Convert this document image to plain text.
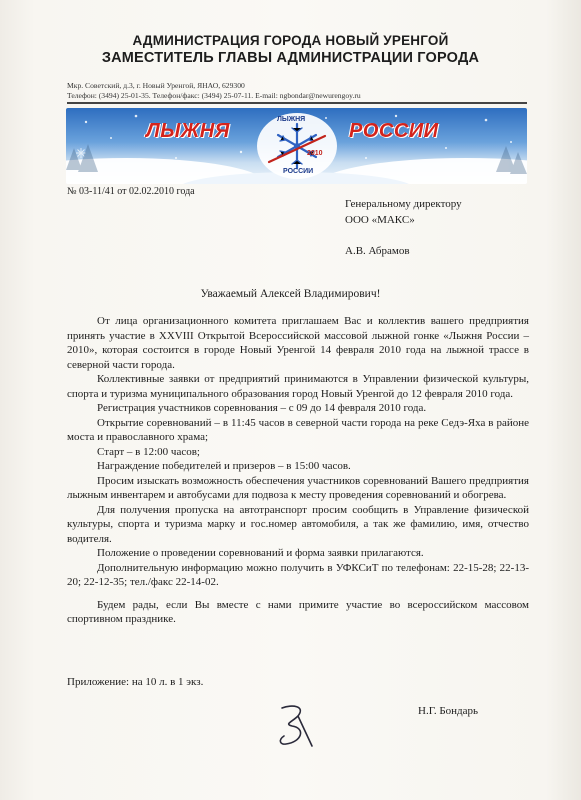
АДМИНИСТРАЦИЯ ГОРОДА НОВЫЙ УРЕНГОЙ
ЗАМЕСТИТЕЛЬ ГЛАВЫ АДМИНИСТРАЦИИ ГОРОДА
Мкр. Советский, д.3, г. Новый Уренгой, ЯНАО, 629300
Телефон: (3494) 25-01-35. Телефон/факс: (3494) 25-07-11. E-mail: ngbondar@newurengoy.ru
ЛЫЖНЯ	РОССИИ
ЛЫЖНЯ
2010
РОССИИ
№ 03-11/41 от 02.02.2010 года
Генеральному директору
ООО «МАКС»
А.В. Абрамов
Уважаемый Алексей Владимирович!

От лица организационного комитета приглашаем Вас и коллектив вашего предприятия принять участие в XXVIII Открытой Всероссийской массовой лыжной гонке «Лыжня России – 2010», которая состоится в городе Новый Уренгой 14 февраля 2010 года на лыжной трассе в северной части города.

Коллективные заявки от предприятий принимаются в Управлении физической культуры, спорта и туризма муниципального образования город Новый Уренгой до 12 февраля 2010 года.

Регистрация участников соревнования – с 09 до 14 февраля 2010 года.

Открытие соревнований – в 11:45 часов в северной части города на реке Седэ-Яха в районе моста и православного храма;

Старт – в 12:00 часов;

Награждение победителей и призеров – в 15:00 часов.

Просим изыскать возможность обеспечения участников соревнований Вашего предприятия лыжным инвентарем и автобусами для подвоза к месту проведения соревнований и обогрева.

Для получения пропуска на автотранспорт просим сообщить в Управление физической культуры, спорта и туризма марку и гос.номер автомобиля, а так же фамилию, имя, отчество водителя.

Положение о проведении соревнований и форма заявки прилагаются.

Дополнительную информацию можно получить в УФКСиТ по телефонам: 22-15-28; 22-13-20; 22-12-35; тел./факс 22-14-02.

Будем рады, если Вы вместе с нами примите участие во всероссийском массовом спортивном празднике.

Приложение: на 10 л. в 1 экз.
Н.Г. Бондарь
